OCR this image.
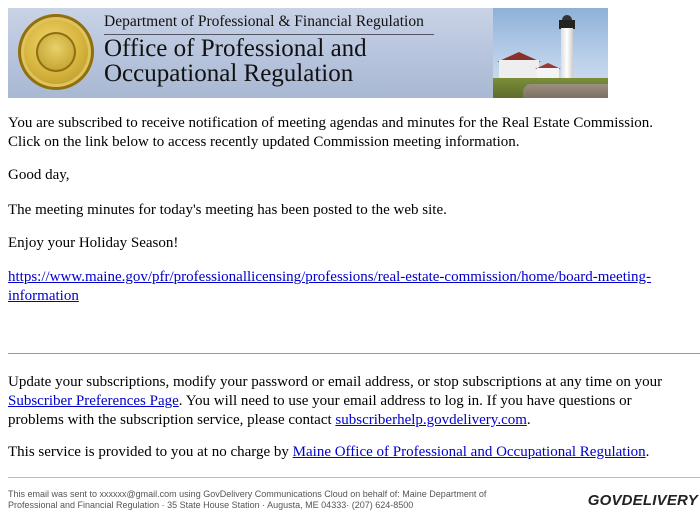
Department of Professional & Financial Regulation
Office of Professional and
Occupational Regulation
You are subscribed to receive notification of meeting agendas and minutes for the Real Estate Commission.
Click on the link below to access recently updated Commission meeting information.
Good day,
The meeting minutes for today's meeting has been posted to the web site.
Enjoy your Holiday Season!
https://www.maine.gov/pfr/professionallicensing/professions/real-estate-commission/home/board-meeting-
information
Update your subscriptions, modify your password or email address, or stop subscriptions at any time on your
Subscriber Preferences Page. You will need to use your email address to log in. If you have questions or
problems with the subscription service, please contact subscriberhelp.govdelivery.com.
This service is provided to you at no charge by Maine Office of Professional and Occupational Regulation.
This email was sent to xxxxxx@gmail.com using GovDelivery Communications Cloud on behalf of: Maine Department of
Professional and Financial Regulation · 35 State House Station · Augusta, ME 04333· (207) 624-8500	GOVDELIVERY
